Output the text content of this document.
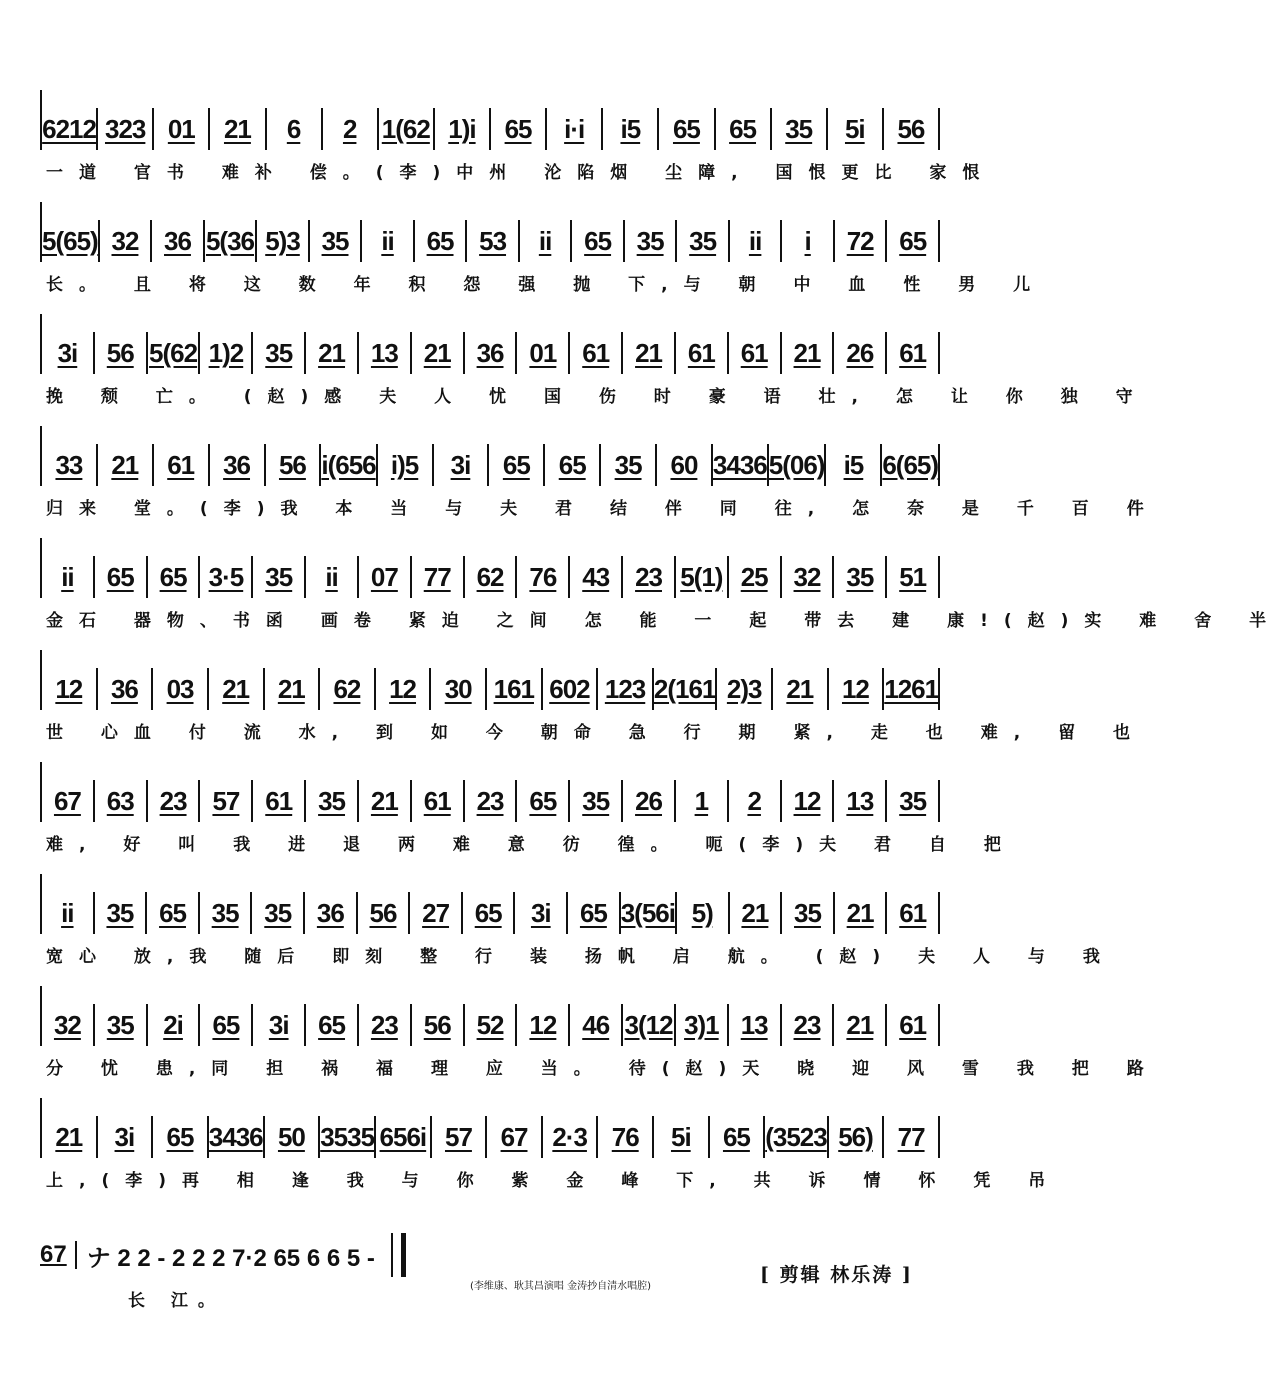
6212 323 01	21	6	2 1(62 1)i	65	i·i	i5	65	65	35	5i	56
一道 官书 难补 偿。(李)中州 沦陷烟 尘障, 国恨更比 家恨
5(65) 32 36 5(36 5)3 35	ii	65 53	ii	65 35 35	ii	i	72 65
长。 且 将 这 数 年 积 怨 强 抛 下,与 朝 中 血 性 男 儿
3i	56 5(62 1)2 35 21 13 21 36 01 61 21 61 61 21 26 61
挽 颓 亡。 (赵)感 夫 人 忧 国 伤 时 豪 语 壮, 怎 让 你 独 守
33	21	61	36	56 i(656 i)5	3i	65	65	35	60 3436 5(06) i5 6(65)
归来 堂。(李)我 本 当 与 夫 君 结 伴 同 往, 怎 奈 是 千 百 件
ii	65 65 3·5 35	ii	07 77 62 76 43 23 5(1) 25 32 35 51
金石 器物、书函 画卷 紧迫 之间 怎 能 一 起 带去 建 康!(赵)实 难 舍 半
12	36	03	21	21	62	12	30 161 602 123 2(161 2)3 21	12 1261
世 心血 付 流 水, 到 如 今 朝命 急 行 期 紧, 走 也 难, 留 也
67 63 23 57 61 35 21 61 23 65 35 26	1	2	12 13 35
难, 好 叫 我 进 退 两 难 意 彷 徨。 呃(李)夫 君 自 把
ii	35 65 35 35 36 56 27 65	3i	65 3(56i 5)	21 35 21 61
宽心 放,我 随后 即刻 整 行 装 扬帆 启 航。 (赵) 夫 人 与 我
32 35	2i	65	3i	65 23 56 52 12 46 3(12 3)1 13 23 21 61
分 忧 患,同 担 祸 福 理 应 当。 待(赵)天 晓 迎 风 雪 我 把 路
21	3i	65 3436 50 3535 656i 57	67 2·3 76	5i	65 (3523 56) 77
上,(李)再 相 逢 我 与 你 紫 金 峰 下, 共 诉 情 怀 凭 吊
67 ナ 2 2 - 2 2 2 7·2 65 6 6 5 -
长 江。
(李维康、耿其昌演唱 金涛抄自清水唱腔)
[ 剪辑 林乐涛 ]
